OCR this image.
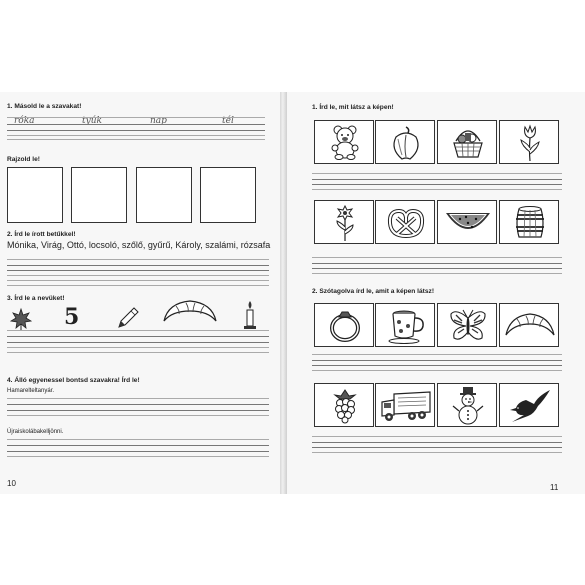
1. Másold le a szavakat!
róka	tyúk	nap	tél
Rajzold le!
2. Írd le írott betűkkel!
Mónika, Virág, Ottó, locsoló, szőlő, gyűrű, Károly, szalámi, rózsafa
3. Írd le a nevüket!
5
4. Álló egyenessel bontsd szavakra! Írd le!
Hamarelteltanyár.
Újraiskolábakelljönni.
10
1. Írd le, mit látsz a képen!
2. Szótagolva írd le, amit a képen látsz!
11
